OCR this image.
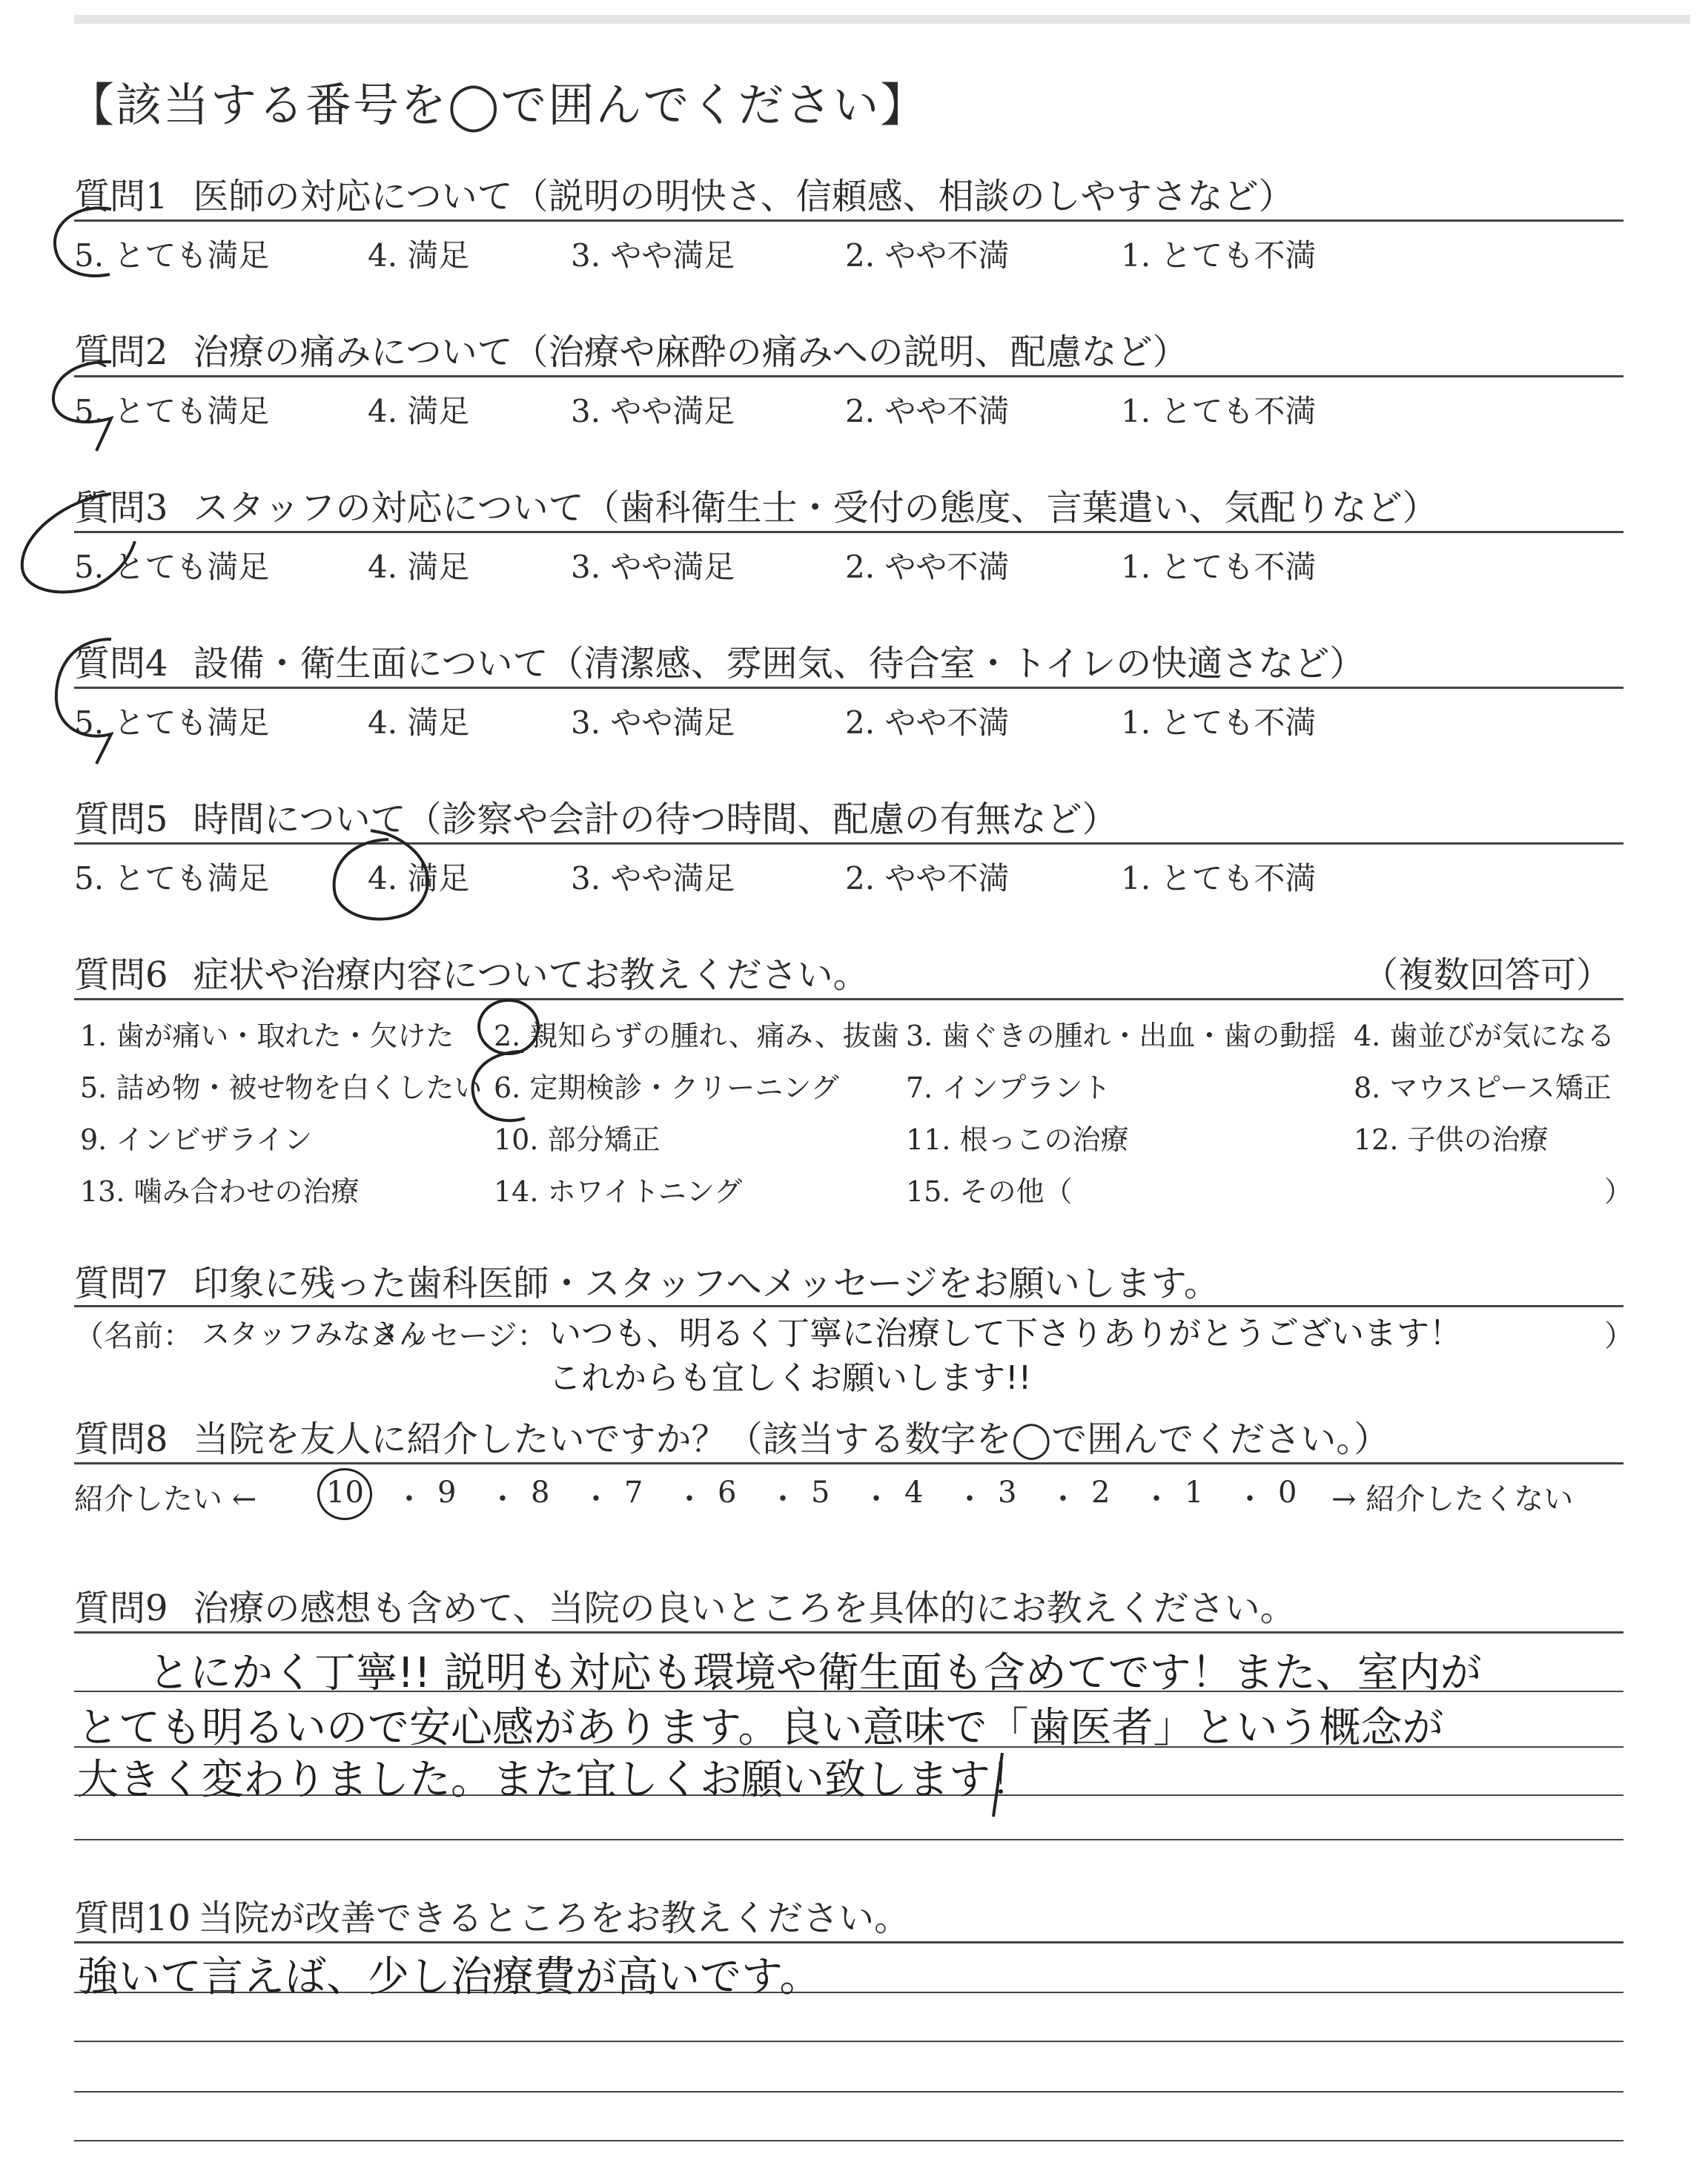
【該当する番号を◯で囲んでください】
質問1 医師の対応について（説明の明快さ、信頼感、相談のしやすさなど）
5. とても満足	4. 満足	3. やや満足	2. やや不満	1. とても不満
質問2 治療の痛みについて（治療や麻酔の痛みへの説明、配慮など）
5. とても満足	4. 満足	3. やや満足	2. やや不満	1. とても不満
質問3 スタッフの対応について（歯科衛生士・受付の態度、言葉遣い、気配りなど）
5. とても満足	4. 満足	3. やや満足	2. やや不満	1. とても不満
質問4 設備・衛生面について（清潔感、雰囲気、待合室・トイレの快適さなど）
5. とても満足	4. 満足	3. やや満足	2. やや不満	1. とても不満
質問5 時間について（診察や会計の待つ時間、配慮の有無など）
5. とても満足	4. 満足	3. やや満足	2. やや不満	1. とても不満
質問6 症状や治療内容についてお教えください。	（複数回答可）
1. 歯が痛い・取れた・欠けた 2. 親知らずの腫れ、痛み、抜歯 3. 歯ぐきの腫れ・出血・歯の動揺 4. 歯並びが気になる
5. 詰め物・被せ物を白くしたい 6. 定期検診・クリーニング 7. インプラント	8. マウスピース矯正
9. インビザライン	10. 部分矯正	11. 根っこの治療	12. 子供の治療
13. 噛み合わせの治療	14. ホワイトニング	15. その他（	）
質問7 印象に残った歯科医師・スタッフへメッセージをお願いします。
（名前： スタッフみなさん
メッセージ： いつも、明るく丁寧に治療して下さりありがとうございます！
これからも宜しくお願いします!!
）
質問8 当院を友人に紹介したいですか？（該当する数字を◯で囲んでください。）
紹介したい ← 10 ・ 9 ・ 8 ・ 7 ・ 6 ・ 5 ・ 4 ・ 3 ・ 2 ・ 1 ・ 0 → 紹介したくない
質問9 治療の感想も含めて、当院の良いところを具体的にお教えください。
とにかく丁寧!! 説明も対応も環境や衛生面も含めてです！また、室内が
とても明るいので安心感があります。良い意味で「歯医者」という概念が
大きく変わりました。また宜しくお願い致します！
質問10 当院が改善できるところをお教えください。
強いて言えば、少し治療費が高いです。
